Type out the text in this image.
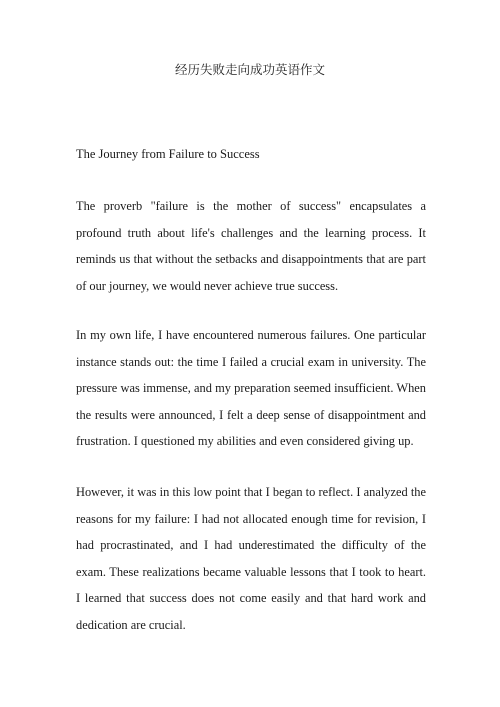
经历失败走向成功英语作文
The Journey from Failure to Success

The proverb "failure is the mother of success" encapsulates a profound truth about life's challenges and the learning process. It reminds us that without the setbacks and disappointments that are part of our journey, we would never achieve true success.

In my own life, I have encountered numerous failures. One particular instance stands out: the time I failed a crucial exam in university. The pressure was immense, and my preparation seemed insufficient. When the results were announced, I felt a deep sense of disappointment and frustration. I questioned my abilities and even considered giving up.

However, it was in this low point that I began to reflect. I analyzed the reasons for my failure: I had not allocated enough time for revision, I had procrastinated, and I had underestimated the difficulty of the exam. These realizations became valuable lessons that I took to heart. I learned that success does not come easily and that hard work and dedication are crucial.
